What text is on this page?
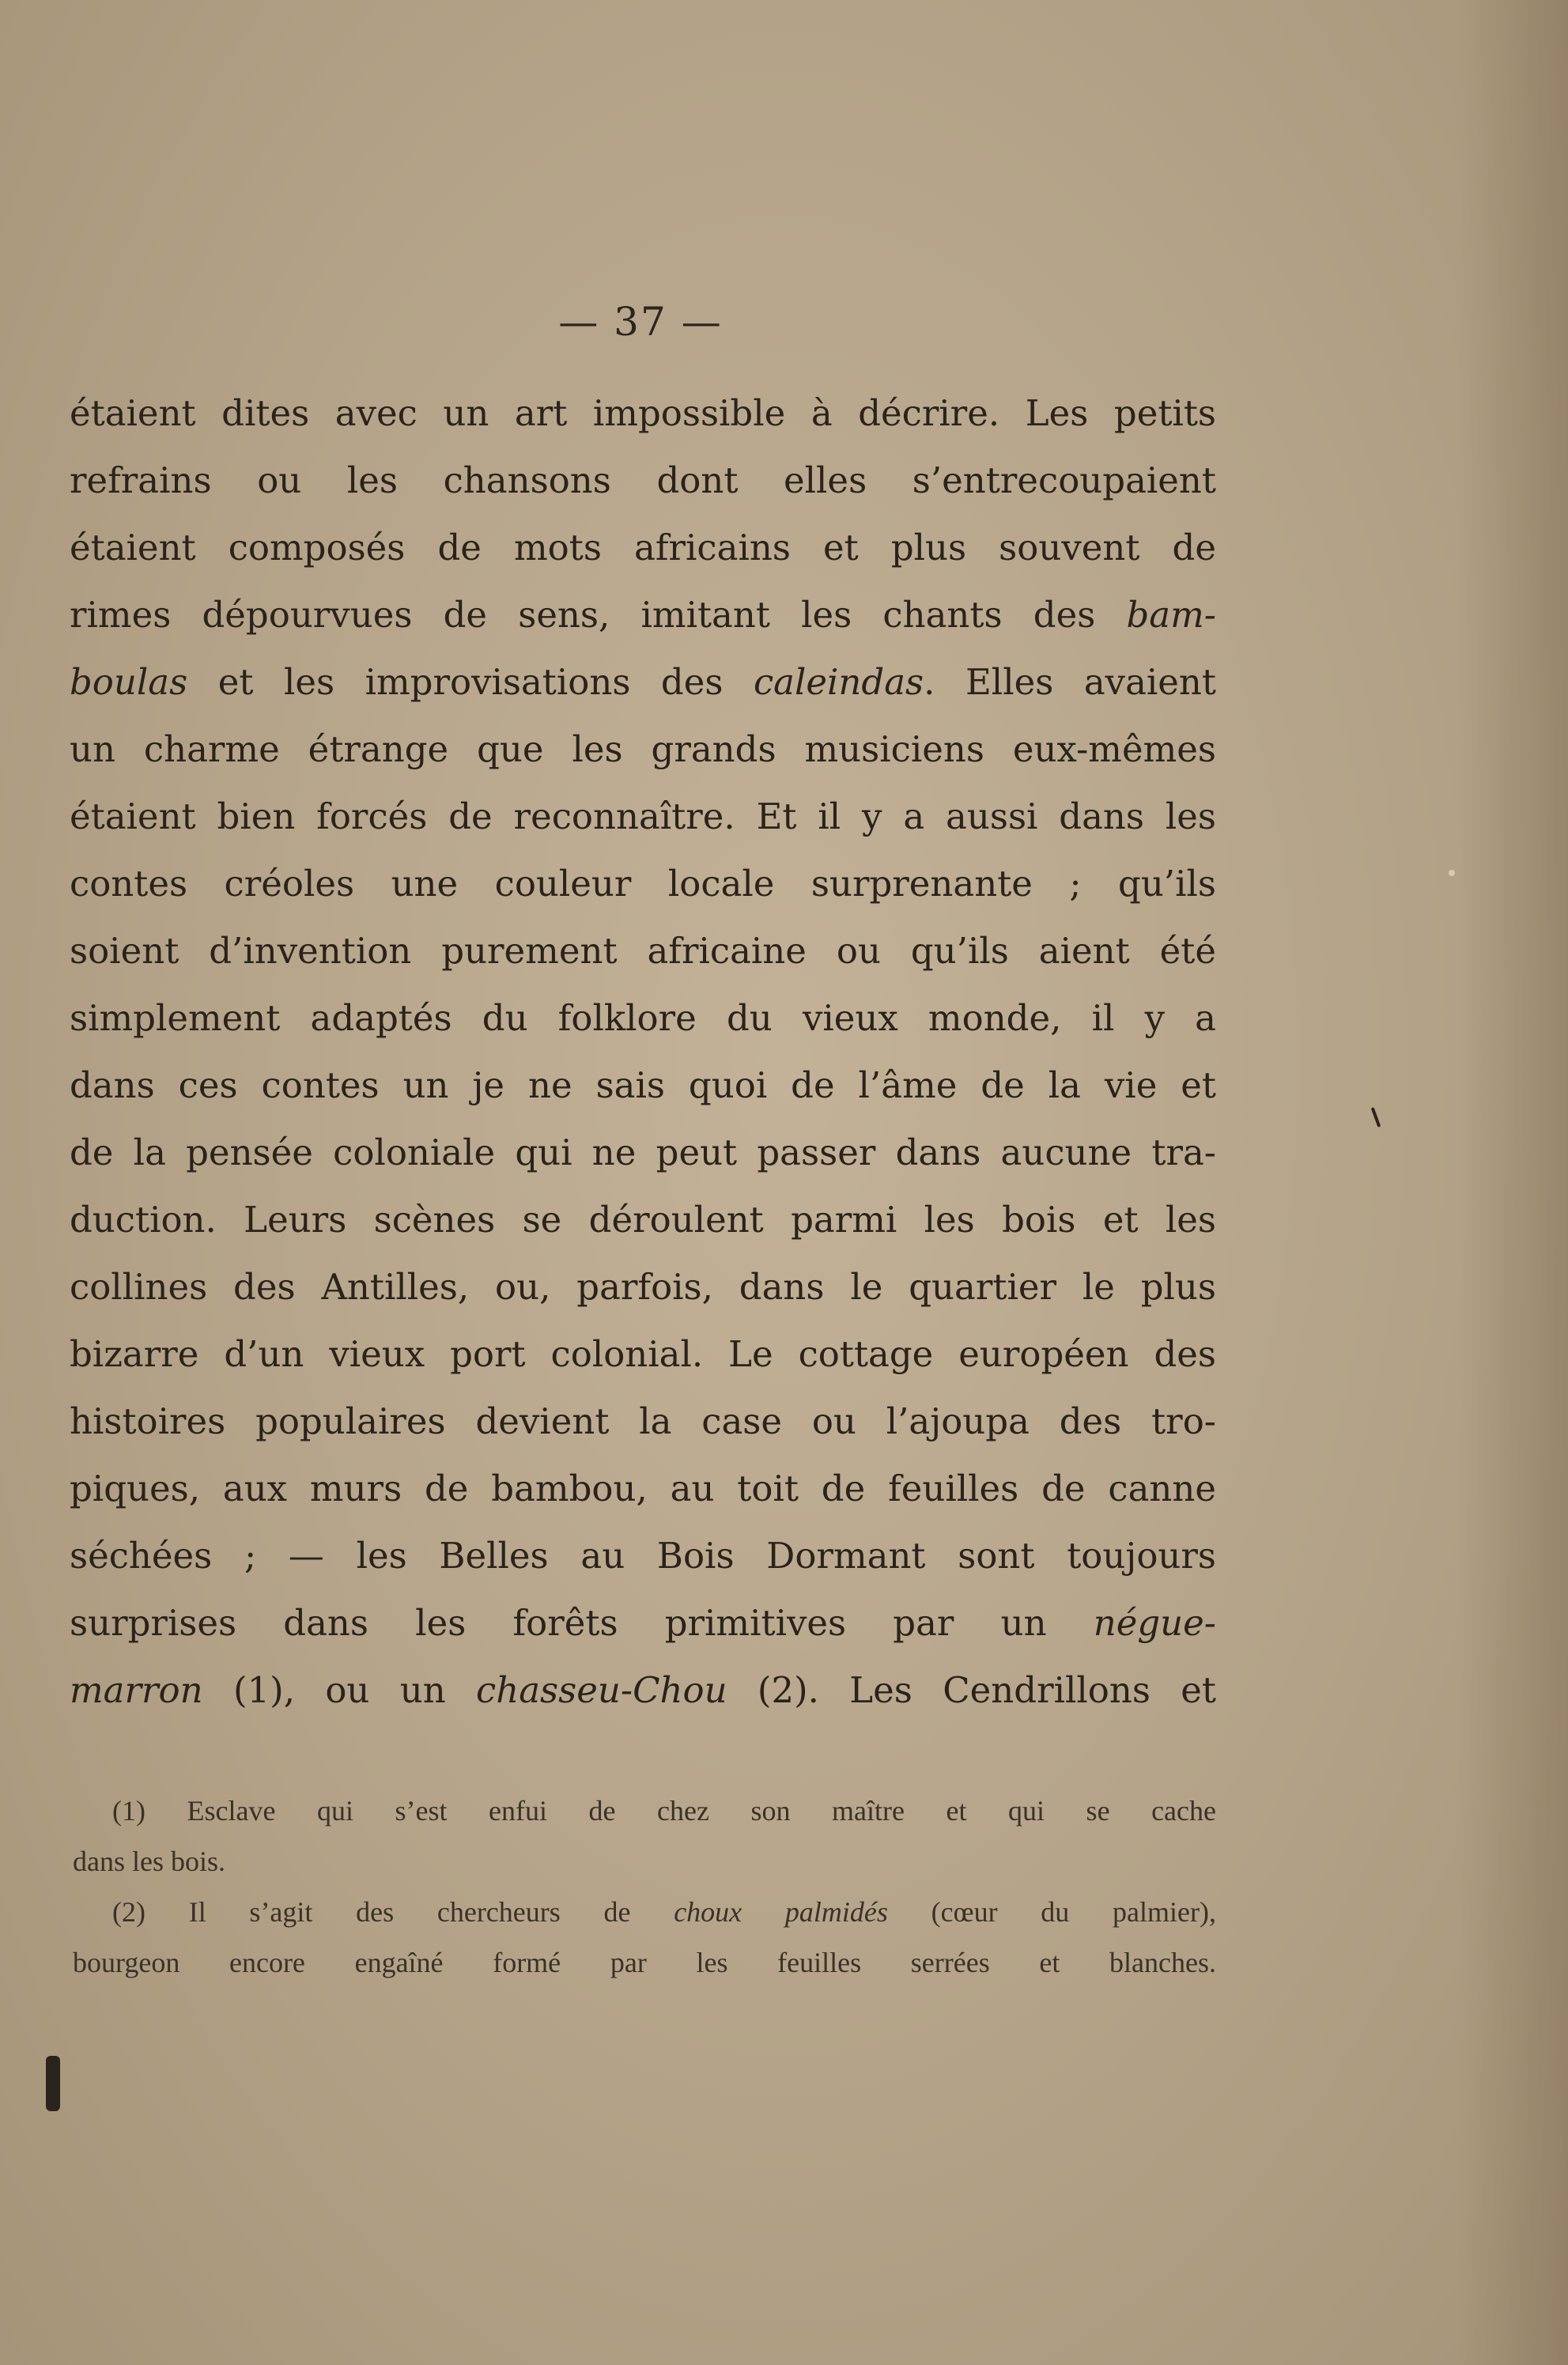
— 37 —
étaient dites avec un art impossible à décrire. Les petits
refrains ou les chansons dont elles s’entrecoupaient
étaient composés de mots africains et plus souvent de
rimes dépourvues de sens, imitant les chants des bam-
boulas et les improvisations des caleindas. Elles avaient
un charme étrange que les grands musiciens eux-mêmes
étaient bien forcés de reconnaître. Et il y a aussi dans les
contes créoles une couleur locale surprenante ; qu’ils
soient d’invention purement africaine ou qu’ils aient été
simplement adaptés du folklore du vieux monde, il y a
dans ces contes un je ne sais quoi de l’âme de la vie et
de la pensée coloniale qui ne peut passer dans aucune tra-
duction. Leurs scènes se déroulent parmi les bois et les
collines des Antilles, ou, parfois, dans le quartier le plus
bizarre d’un vieux port colonial. Le cottage européen des
histoires populaires devient la case ou l’ajoupa des tro-
piques, aux murs de bambou, au toit de feuilles de canne
séchées ; — les Belles au Bois Dormant sont toujours
surprises dans les forêts primitives par un négue-
marron (1), ou un chasseu-Chou (2). Les Cendrillons et
(1) Esclave qui s’est enfui de chez son maître et qui se cache
dans les bois.
(2) Il s’agit des chercheurs de choux palmidés (cœur du palmier),
bourgeon encore engaîné formé par les feuilles serrées et blanches.
